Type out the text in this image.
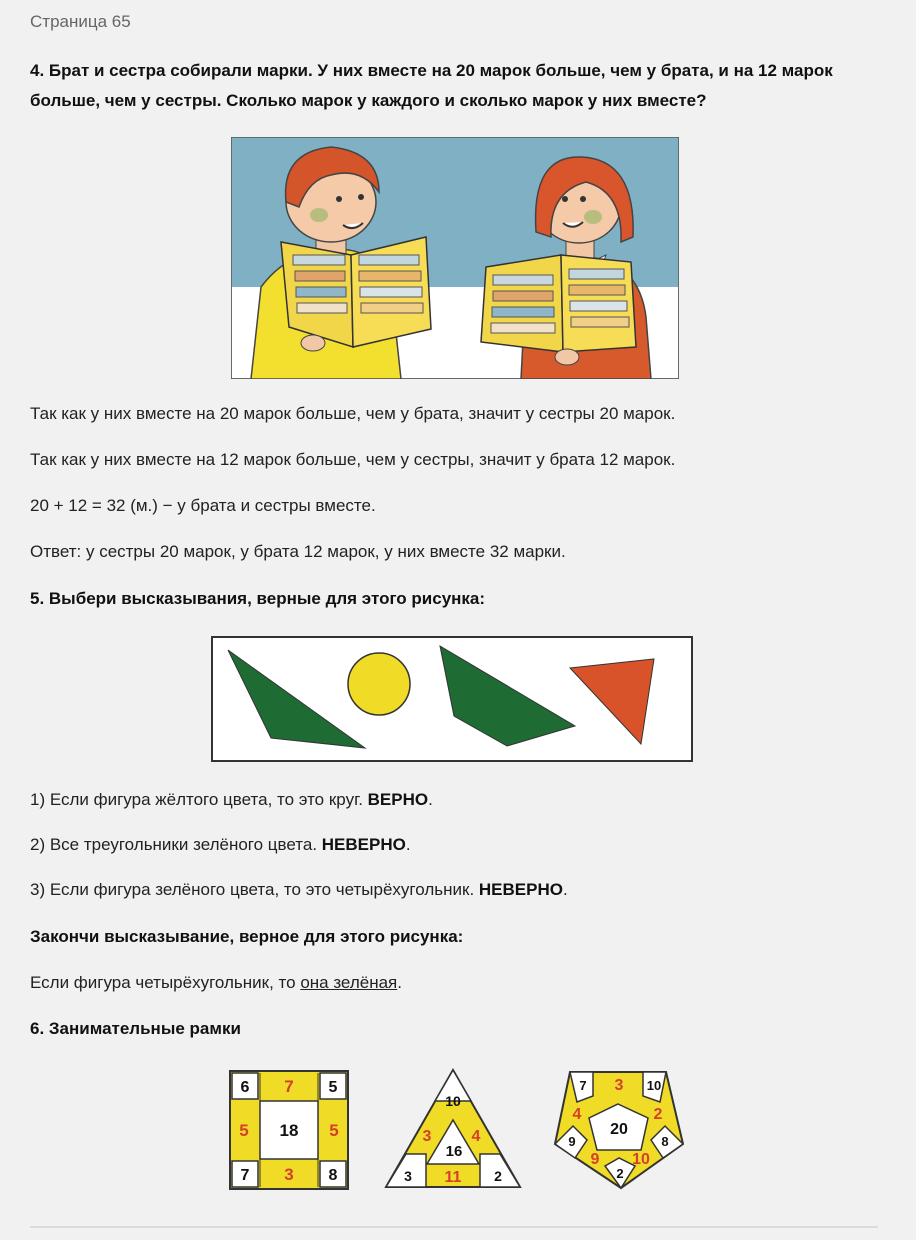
Страница 65
4. Брат и сестра собирали марки. У них вместе на 20 марок больше, чем у брата, и на 12 марок больше, чем у сестры. Сколько марок у каждого и сколько марок у них вместе?
Так как у них вместе на 20 марок больше, чем у брата, значит у сестры 20 марок.
Так как у них вместе на 12 марок больше, чем у сестры, значит у брата 12 марок.
20 + 12 = 32 (м.) − у брата и сестры вместе.
Ответ: у сестры 20 марок, у брата 12 марок, у них вместе 32 марки.
5. Выбери высказывания, верные для этого рисунка:
1) Если фигура жёлтого цвета, то это круг. ВЕРНО.
2) Все треугольники зелёного цвета. НЕВЕРНО.
3) Если фигура зелёного цвета, то это четырёхугольник. НЕВЕРНО.
Закончи высказывание, верное для этого рисунка:
Если фигура четырёхугольник, то она зелёная.
6. Занимательные рамки
18
6 7 5
5	5
7 3 8
10
16
3	4
3 11 2
20
7 3 10
4	2
9	8
9
2
10
